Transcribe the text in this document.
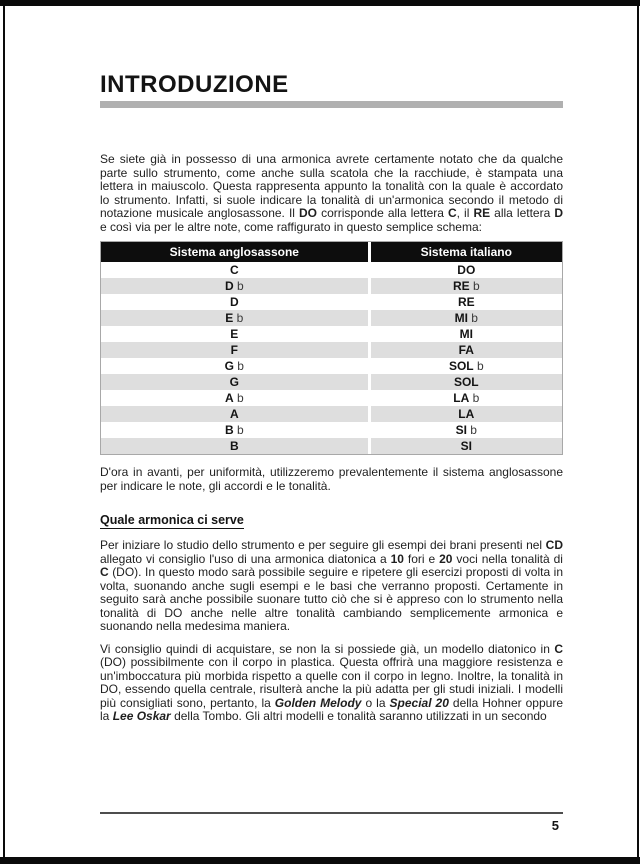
INTRODUZIONE

Se siete già in possesso di una armonica avrete certamente notato che da qualche parte sullo strumento, come anche sulla scatola che la racchiude, è stampata una lettera in maiuscolo. Questa rappresenta appunto la tonalità con la quale è accordato lo strumento. Infatti, si suole indicare la tonalità di un'armonica secondo il metodo di notazione musicale anglosassone. Il DO corrisponde alla lettera C, il RE alla lettera D e così via per le altre note, come raffigurato in questo semplice schema:

Sistema anglosassone	Sistema italiano
C	DO
D b	RE b
D	RE
E b	MI b
E	MI
F	FA
G b	SOL b
G	SOL
A b	LA b
A	LA
B b	SI b
B	SI

D'ora in avanti, per uniformità, utilizzeremo prevalentemente il sistema anglosassone per indicare le note, gli accordi e le tonalità.

Quale armonica ci serve

Per iniziare lo studio dello strumento e per seguire gli esempi dei brani presenti nel CD allegato vi consiglio l'uso di una armonica diatonica a 10 fori e 20 voci nella tonalità di C (DO). In questo modo sarà possibile seguire e ripetere gli esercizi proposti di volta in volta, suonando anche sugli esempi e le basi che verranno proposti. Certamente in seguito sarà anche possibile suonare tutto ciò che si è appreso con lo strumento nella tonalità di DO anche nelle altre tonalità cambiando semplicemente armonica e suonando nella medesima maniera.

Vi consiglio quindi di acquistare, se non la si possiede già, un modello diatonico in C (DO) possibilmente con il corpo in plastica. Questa offrirà una maggiore resistenza e un'imboccatura più morbida rispetto a quelle con il corpo in legno. Inoltre, la tonalità in DO, essendo quella centrale, risulterà anche la più adatta per gli studi iniziali. I modelli più consigliati sono, pertanto, la Golden Melody o la Special 20 della Hohner oppure la Lee Oskar della Tombo. Gli altri modelli e tonalità saranno utilizzati in un secondo

5
